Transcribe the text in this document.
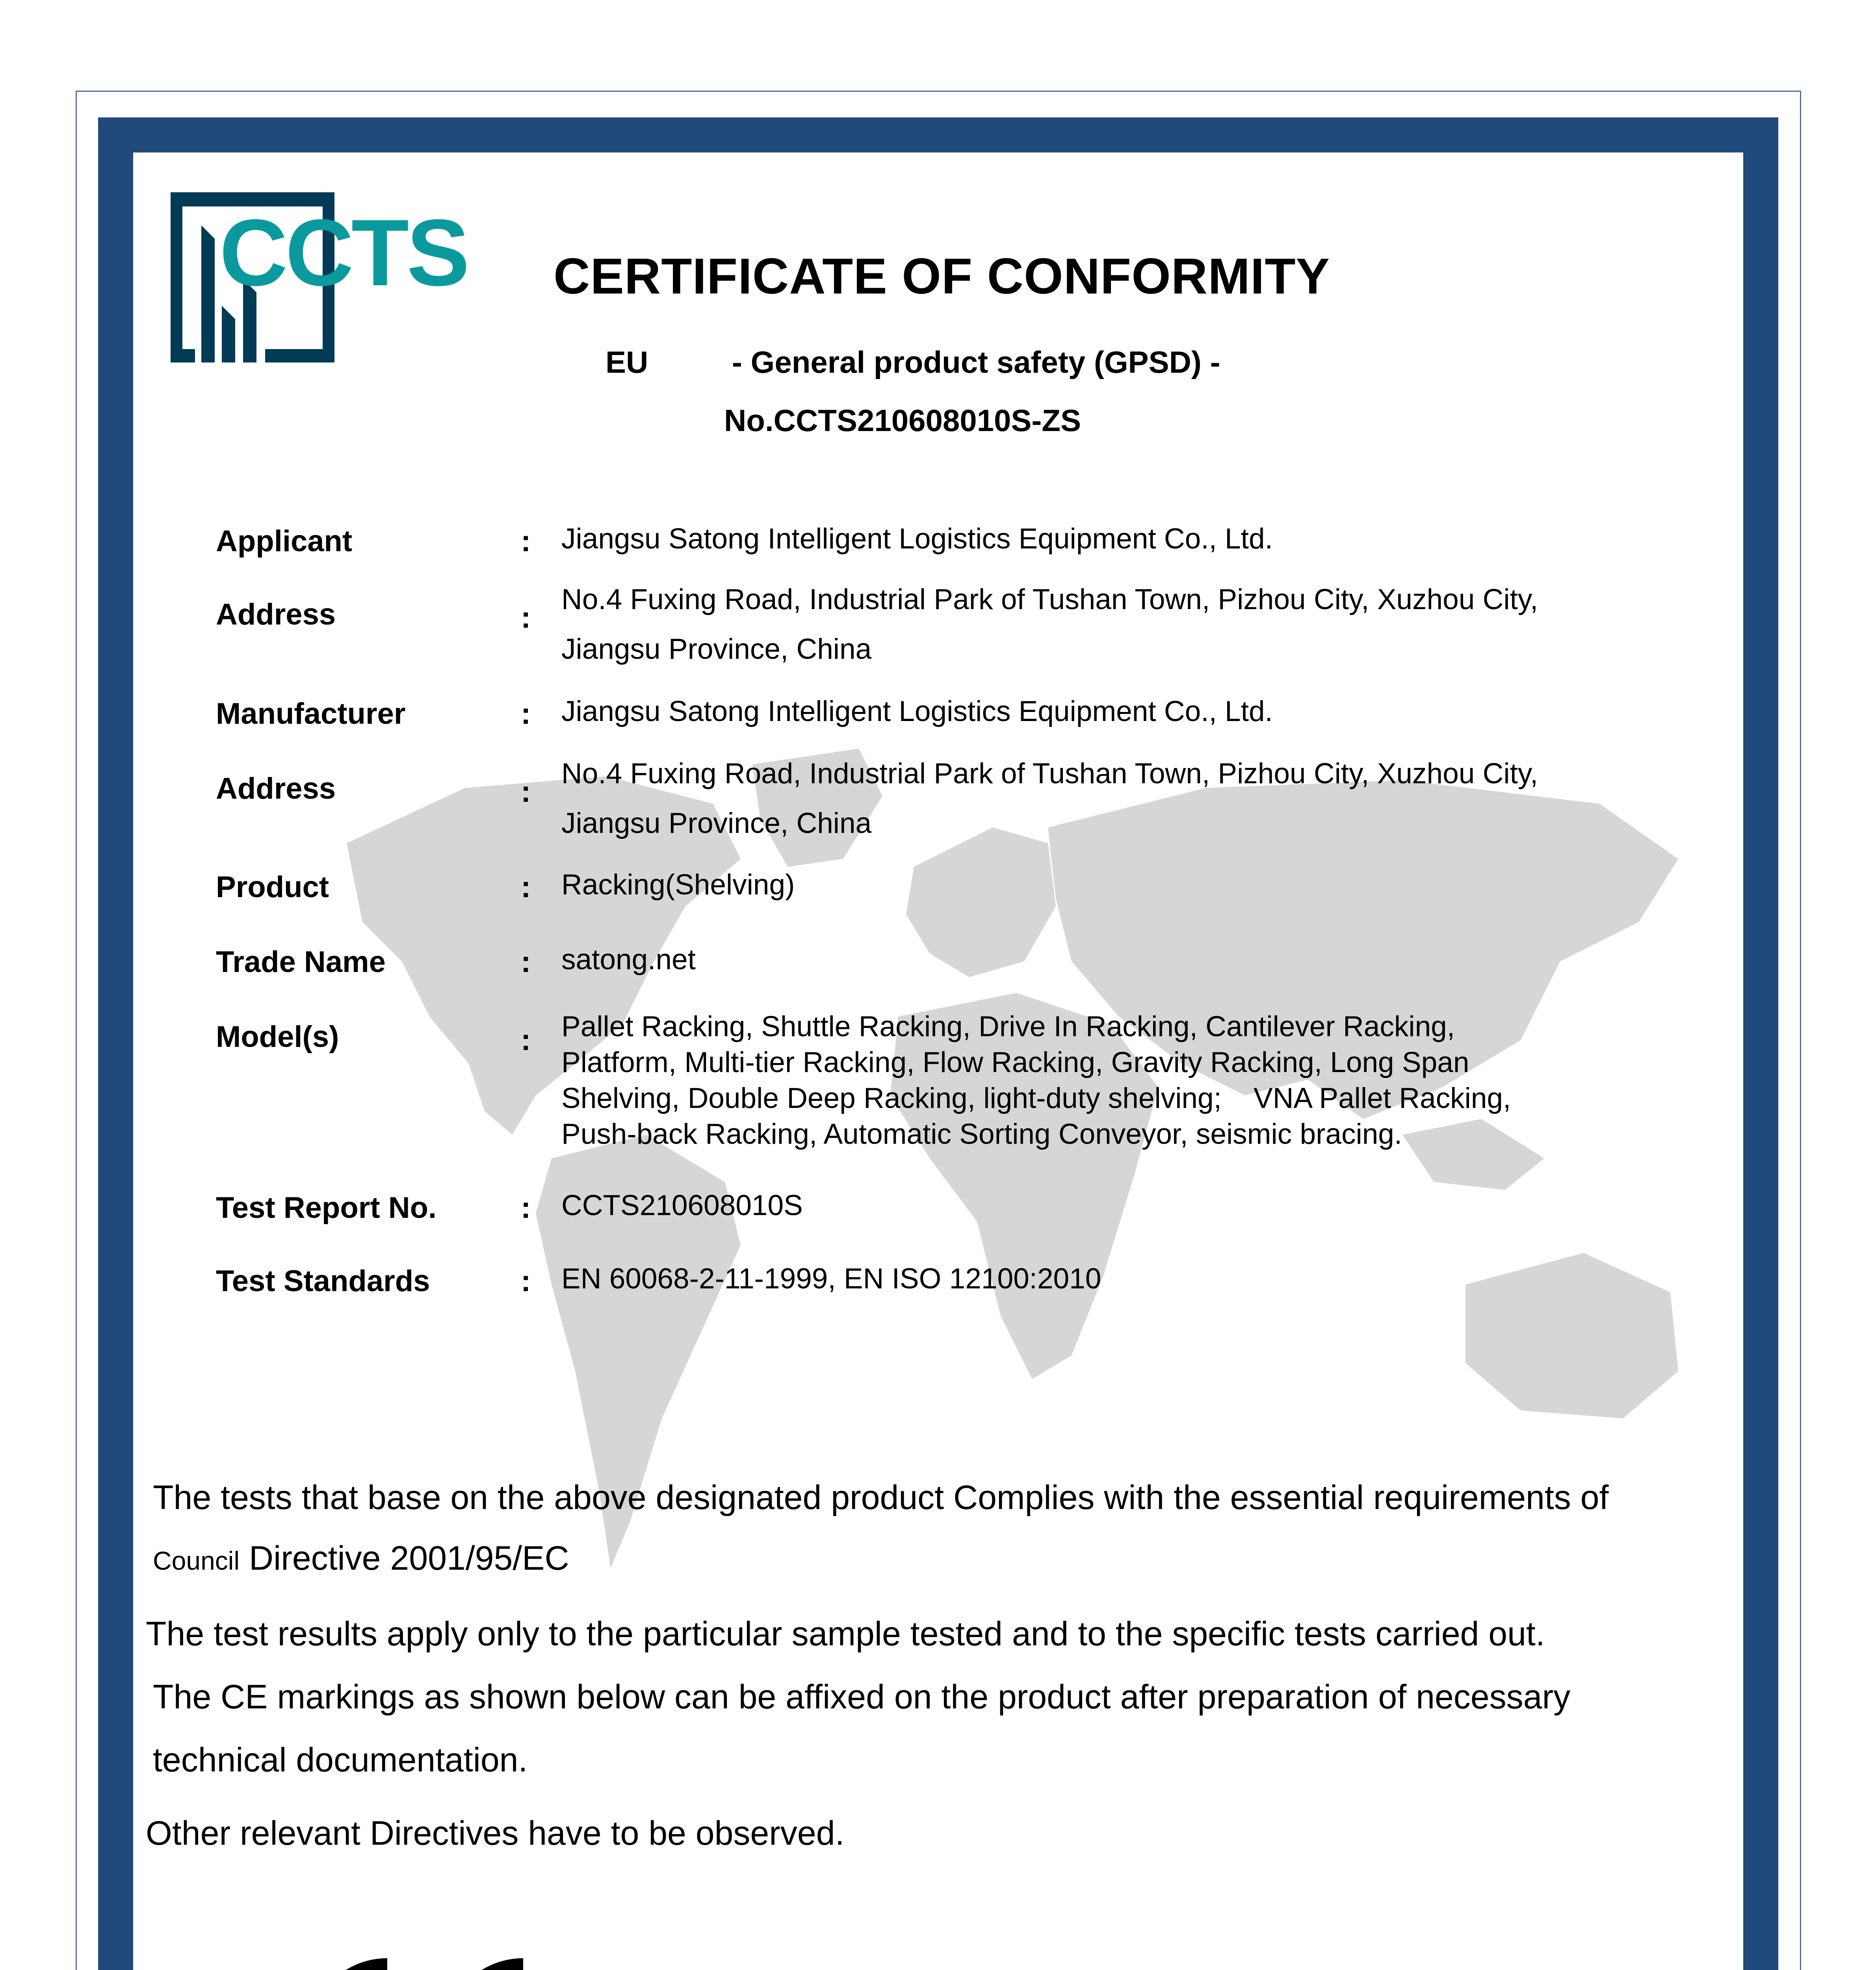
CCTS CERTIFICATE OF CONFORMITY
EU	- General product safety (GPSD) -
No.CCTS210608010S-ZS
Applicant	: Jiangsu Satong Intelligent Logistics Equipment Co., Ltd.
Address	:
No.4 Fuxing Road, Industrial Park of Tushan Town, Pizhou City, Xuzhou City,
Jiangsu Province, China
Manufacturer	: Jiangsu Satong Intelligent Logistics Equipment Co., Ltd.
Address	:
No.4 Fuxing Road, Industrial Park of Tushan Town, Pizhou City, Xuzhou City,
Jiangsu Province, China
Product	: Racking(Shelving)
Trade Name	: satong.net
Model(s)	: Pallet Racking, Shuttle Racking, Drive In Racking, Cantilever Racking,
Platform, Multi-tier Racking, Flow Racking, Gravity Racking, Long Span
Shelving, Double Deep Racking, light-duty shelving;    VNA Pallet Racking,
Push-back Racking, Automatic Sorting Conveyor, seismic bracing.
Test Report No.	: CCTS210608010S
Test Standards	: EN 60068-2-11-1999, EN ISO 12100:2010
The tests that base on the above designated product Complies with the essential requirements of
Council Directive 2001/95/EC
The test results apply only to the particular sample tested and to the specific tests carried out.
The CE markings as shown below can be affixed on the product after preparation of necessary
technical documentation.
Other relevant Directives have to be observed.
